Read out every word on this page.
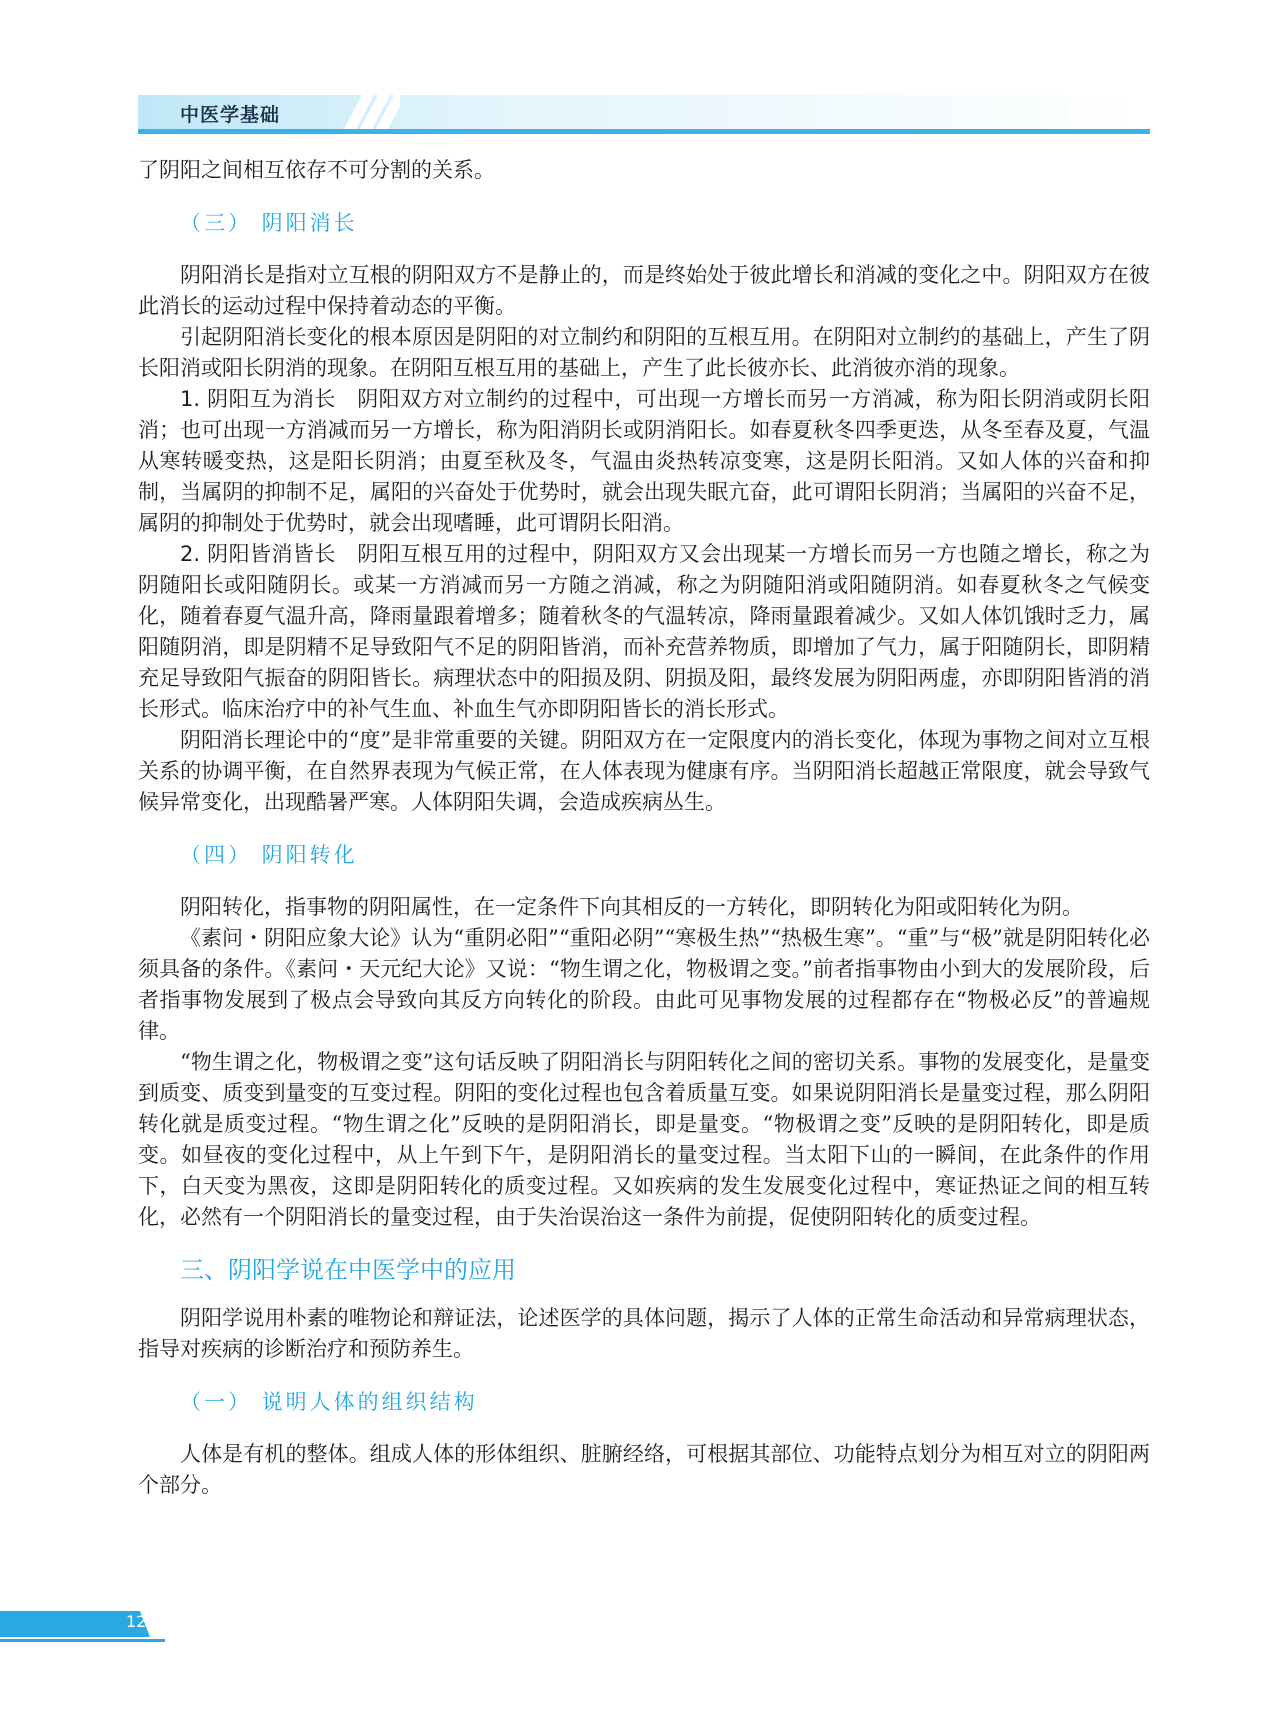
中医学基础

了阴阳之间相互依存不可分割的关系。

（三） 阴阳消长

阴阳消长是指对立互根的阴阳双方不是静止的，而是终始处于彼此增长和消减的变化之中。阴阳双方在彼此消长的运动过程中保持着动态的平衡。

引起阴阳消长变化的根本原因是阴阳的对立制约和阴阳的互根互用。在阴阳对立制约的基础上，产生了阴长阳消或阳长阴消的现象。在阴阳互根互用的基础上，产生了此长彼亦长、此消彼亦消的现象。

1. 阴阳互为消长　 阴阳双方对立制约的过程中，可出现一方增长而另一方消减，称为阳长阴消或阴长阳消；也可出现一方消减而另一方增长，称为阳消阴长或阴消阳长。如春夏秋冬四季更迭，从冬至春及夏，气温从寒转暖变热，这是阳长阴消；由夏至秋及冬，气温由炎热转凉变寒，这是阴长阳消。又如人体的兴奋和抑制，当属阴的抑制不足，属阳的兴奋处于优势时，就会出现失眠亢奋，此可谓阳长阴消；当属阳的兴奋不足，属阴的抑制处于优势时，就会出现嗜睡，此可谓阴长阳消。

2. 阴阳皆消皆长　 阴阳互根互用的过程中，阴阳双方又会出现某一方增长而另一方也随之增长，称之为阴随阳长或阳随阴长。或某一方消减而另一方随之消减，称之为阴随阳消或阳随阴消。如春夏秋冬之气候变化，随着春夏气温升高，降雨量跟着增多；随着秋冬的气温转凉，降雨量跟着减少。又如人体饥饿时乏力，属阳随阴消，即是阴精不足导致阳气不足的阴阳皆消，而补充营养物质，即增加了气力，属于阳随阴长，即阴精充足导致阳气振奋的阴阳皆长。病理状态中的阳损及阴、阴损及阳，最终发展为阴阳两虚，亦即阴阳皆消的消长形式。临床治疗中的补气生血、补血生气亦即阴阳皆长的消长形式。

阴阳消长理论中的“度”是非常重要的关键。阴阳双方在一定限度内的消长变化，体现为事物之间对立互根关系的协调平衡，在自然界表现为气候正常，在人体表现为健康有序。当阴阳消长超越正常限度，就会导致气候异常变化，出现酷暑严寒。人体阴阳失调，会造成疾病丛生。

（四） 阴阳转化

阴阳转化，指事物的阴阳属性，在一定条件下向其相反的一方转化，即阴转化为阳或阳转化为阴。

《素问・阴阳应象大论》认为“重阴必阳”“重阳必阴”“寒极生热”“热极生寒”。“重”与“极”就是阴阳转化必须具备的条件。《素问・天元纪大论》又说：“物生谓之化，物极谓之变。”前者指事物由小到大的发展阶段，后者指事物发展到了极点会导致向其反方向转化的阶段。由此可见事物发展的过程都存在“物极必反”的普遍规律。

“物生谓之化，物极谓之变”这句话反映了阴阳消长与阴阳转化之间的密切关系。事物的发展变化，是量变到质变、质变到量变的互变过程。阴阳的变化过程也包含着质量互变。如果说阴阳消长是量变过程，那么阴阳转化就是质变过程。“物生谓之化”反映的是阴阳消长，即是量变。“物极谓之变”反映的是阴阳转化，即是质变。如昼夜的变化过程中，从上午到下午，是阴阳消长的量变过程。当太阳下山的一瞬间，在此条件的作用下，白天变为黑夜，这即是阴阳转化的质变过程。又如疾病的发生发展变化过程中，寒证热证之间的相互转化，必然有一个阴阳消长的量变过程，由于失治误治这一条件为前提，促使阴阳转化的质变过程。

三、阴阳学说在中医学中的应用

阴阳学说用朴素的唯物论和辩证法，论述医学的具体问题，揭示了人体的正常生命活动和异常病理状态，指导对疾病的诊断治疗和预防养生。

（一） 说明人体的组织结构

人体是有机的整体。组成人体的形体组织、脏腑经络，可根据其部位、功能特点划分为相互对立的阴阳两个部分。

12
